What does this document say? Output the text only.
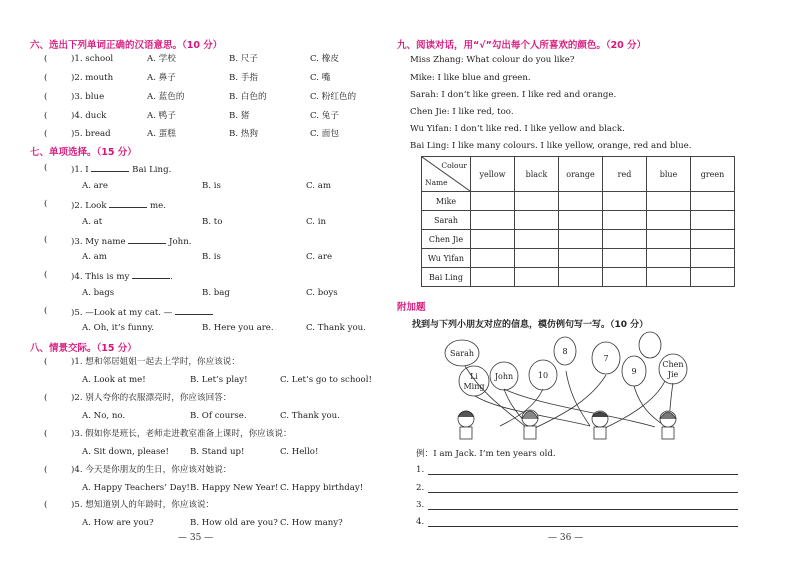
六、选出下列单词正确的汉语意思。（10 分）
(	)1. school	A. 学校	B. 尺子	C. 橡皮
(	)2. mouth	A. 鼻子	B. 手指	C. 嘴
(	)3. blue	A. 蓝色的	B. 白色的	C. 粉红色的
(	)4. duck	A. 鸭子	B. 猪	C. 兔子
(	)5. bread	A. 蛋糕	B. 热狗	C. 面包
七、单项选择。（15 分）
(	)1. I	Bai Ling.
A. are	B. is	C. am
(	)2. Look	me.
A. at	B. to	C. in
(	)3. My name	John.
A. am	B. is	C. are
(	)4. This is my	.
A. bags	B. bag	C. boys
(	)5. —Look at my cat. —
A. Oh, it’s funny.	B. Here you are.	C. Thank you.
八、情景交际。（15 分）
(	)1. 想和邻居姐姐一起去上学时，你应该说：
A. Look at me!	B. Let’s play!	C. Let’s go to school!
(	)2. 别人夸你的衣服漂亮时，你应该回答：
A. No, no.	B. Of course.	C. Thank you.
(	)3. 假如你是班长，老师走进教室准备上课时，你应该说：
A. Sit down, please! B. Stand up!	C. Hello!
(	)4. 今天是你朋友的生日，你应该对她说：
A. Happy Teachers’ Day! B. Happy New Year! C. Happy birthday!
(	)5. 想知道别人的年龄时，你应该说：
A. How are you?	B. How old are you? C. How many?
— 35 —
九、阅读对话，用“√”勾出每个人所喜欢的颜色。（20 分）
Miss Zhang: What colour do you like?
Mike: I like blue and green.
Sarah: I don’t like green. I like red and orange.
Chen Jie: I like red, too.
Wu Yifan: I don’t like red. I like yellow and black.
Bai Ling: I like many colours. I like yellow, orange, red and blue.
Colour
Name	yellow	black	orange	red	blue	green
Mike						
Sarah						
Chen Jie						
Wu Yifan						
Bai Ling						
附加题
找到与下列小朋友对应的信息，模仿例句写一写。（10 分）
Sarah
Li
Ming
John	10
8
7
9
Chen
Jie
例：I am Jack. I’m ten years old.
1.
2.
3.
4.
— 36 —
